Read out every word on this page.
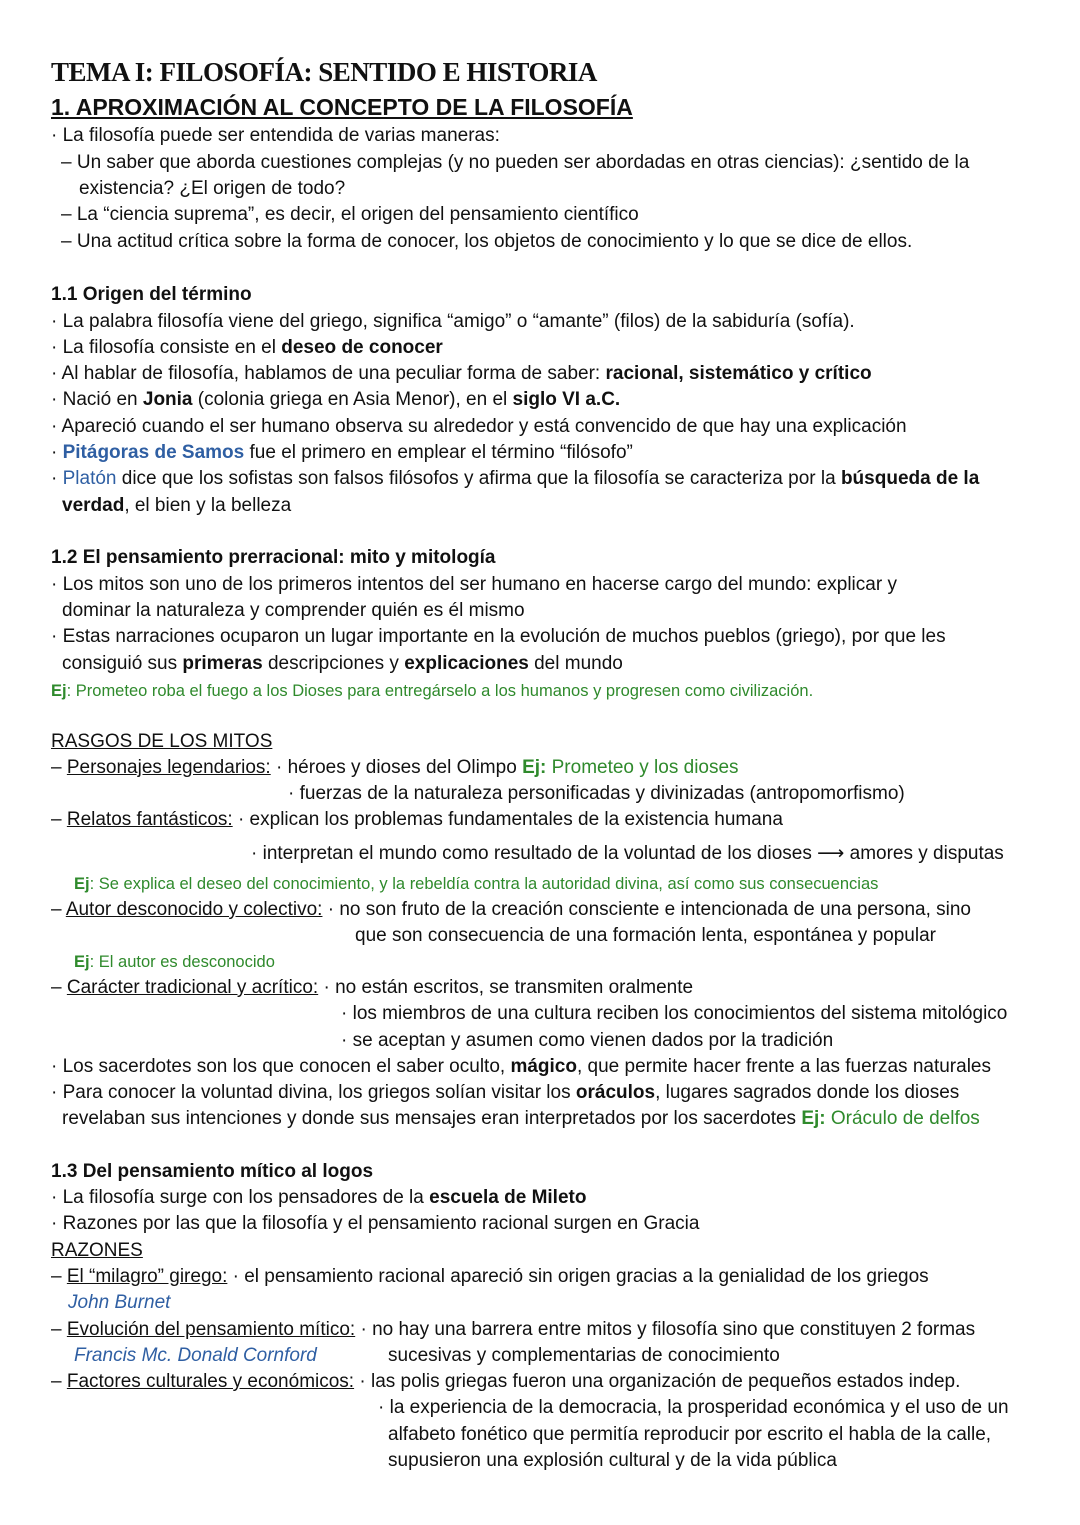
TEMA I: FILOSOFÍA: SENTIDO E HISTORIA
1. APROXIMACIÓN AL CONCEPTO DE LA FILOSOFÍA
· La filosofía puede ser entendida de varias maneras:
– Un saber que aborda cuestiones complejas (y no pueden ser abordadas en otras ciencias): ¿sentido de la
existencia? ¿El origen de todo?
– La “ciencia suprema”, es decir, el origen del pensamiento científico
– Una actitud crítica sobre la forma de conocer, los objetos de conocimiento y lo que se dice de ellos.
1.1 Origen del término
· La palabra filosofía viene del griego, significa “amigo” o “amante” (filos) de la sabiduría (sofía).
· La filosofía consiste en el deseo de conocer
· Al hablar de filosofía, hablamos de una peculiar forma de saber: racional, sistemático y crítico
· Nació en Jonia (colonia griega en Asia Menor), en el siglo VI a.C.
· Apareció cuando el ser humano observa su alrededor y está convencido de que hay una explicación
· Pitágoras de Samos fue el primero en emplear el término “filósofo”
· Platón dice que los sofistas son falsos filósofos y afirma que la filosofía se caracteriza por la búsqueda de la
verdad, el bien y la belleza
1.2 El pensamiento prerracional: mito y mitología
· Los mitos son uno de los primeros intentos del ser humano en hacerse cargo del mundo: explicar y
dominar la naturaleza y comprender quién es él mismo
· Estas narraciones ocuparon un lugar importante en la evolución de muchos pueblos (griego), por que les
consiguió sus primeras descripciones y explicaciones del mundo
Ej: Prometeo roba el fuego a los Dioses para entregárselo a los humanos y progresen como civilización.
RASGOS DE LOS MITOS
– Personajes legendarios: · héroes y dioses del Olimpo Ej: Prometeo y los dioses
· fuerzas de la naturaleza personificadas y divinizadas (antropomorfismo)
– Relatos fantásticos: · explican los problemas fundamentales de la existencia humana
· interpretan el mundo como resultado de la voluntad de los dioses ⟶ amores y disputas
Ej: Se explica el deseo del conocimiento, y la rebeldía contra la autoridad divina, así como sus consecuencias
– Autor desconocido y colectivo: · no son fruto de la creación consciente e intencionada de una persona, sino
que son consecuencia de una formación lenta, espontánea y popular
Ej: El autor es desconocido
– Carácter tradicional y acrítico: · no están escritos, se transmiten oralmente
· los miembros de una cultura reciben los conocimientos del sistema mitológico
· se aceptan y asumen como vienen dados por la tradición
· Los sacerdotes son los que conocen el saber oculto, mágico, que permite hacer frente a las fuerzas naturales
· Para conocer la voluntad divina, los griegos solían visitar los oráculos, lugares sagrados donde los dioses
revelaban sus intenciones y donde sus mensajes eran interpretados por los sacerdotes Ej: Oráculo de delfos
1.3 Del pensamiento mítico al logos
· La filosofía surge con los pensadores de la escuela de Mileto
· Razones por las que la filosofía y el pensamiento racional surgen en Gracia
RAZONES
– El “milagro” girego: · el pensamiento racional apareció sin origen gracias a la genialidad de los griegos
John Burnet
– Evolución del pensamiento mítico: · no hay una barrera entre mitos y filosofía sino que constituyen 2 formas
Francis Mc. Donald Cornford	sucesivas y complementarias de conocimiento
– Factores culturales y económicos: · las polis griegas fueron una organización de pequeños estados indep.
· la experiencia de la democracia, la prosperidad económica y el uso de un
alfabeto fonético que permitía reproducir por escrito el habla de la calle,
supusieron una explosión cultural y de la vida pública
